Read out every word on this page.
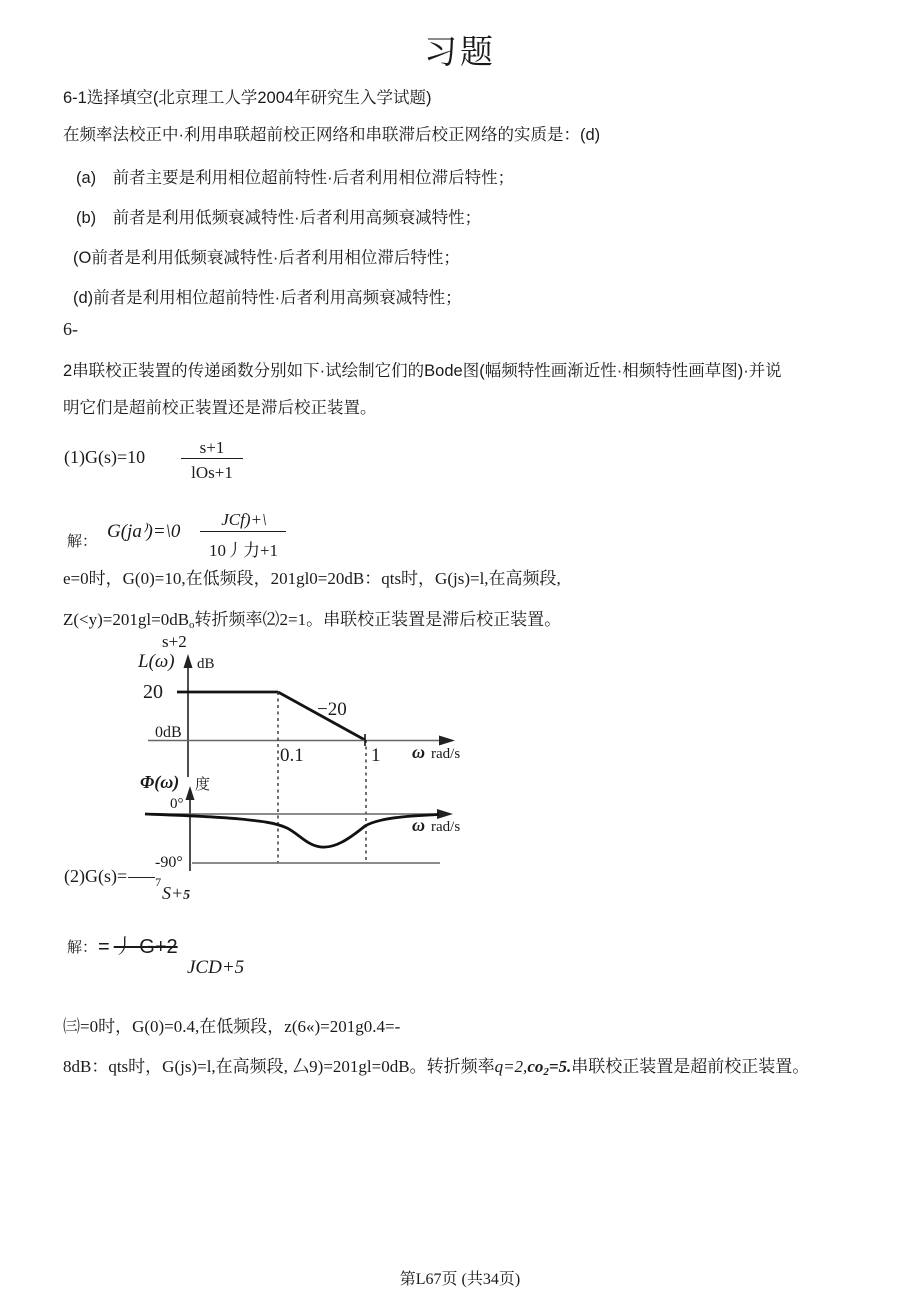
习题
6-1选择填空(北京理工人学2004年研究生入学试题)
在频率法校正中·利用串联超前校正网络和串联滞后校正网络的实质是：(d)
(a)　前者主要是利用相位超前特性·后者利用相位滞后特性；
(b)　前者是利用低频衰减特性·后者利用高频衰减特性；
(O前者是利用低频衰减特性·后者利用相位滞后特性；
(d)前者是利用相位超前特性·后者利用高频衰减特性；
6-
2串联校正装置的传递函数分别如下·试绘制它们的Bode图(幅频特性画渐近性·相频特性画草图)·并说
明它们是超前校正装置还是滞后校正装置。
(1)G(s)=10	s+1
lOs+1
解： G(ja⁾)=\0
JCf)+\
10丿力+1
e=0时，G(0)=10,在低频段，201gl0=20dB：qts时，G(js)=l,在高频段,
Z(<y)=201gl=0dBo转折频率⑵2=1。串联校正装置是滞后校正装置。
s+2
L(ω) dB
20
−20
0dB
0.1	1 ω rad/s
Φ(ω) 度
0°
ω rad/s
-90°
(2)G(s)= $_7$
S+5
解： =  丿 G+2
JCD+5
㈢=0时，G(0)=0.4,在低频段，z(6«)=201g0.4=-
8dB：qts时，G(js)=l,在高频段, 厶9)=201gl=0dB。转折频率q=2,co2=5.串联校正装置是超前校正装置。
第L67页 (共34页)
